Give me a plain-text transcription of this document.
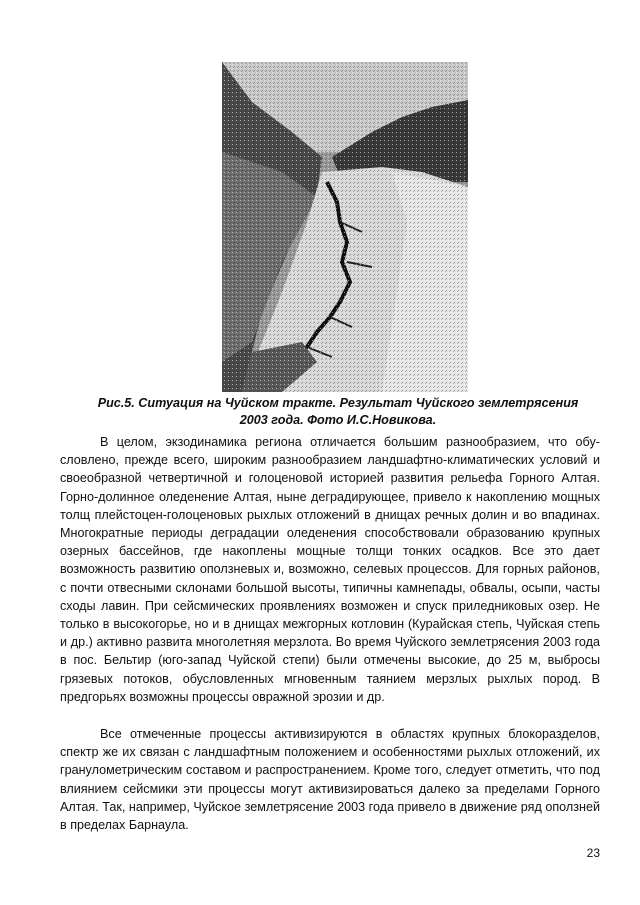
Рис.5. Ситуация на Чуйском тракте. Результат Чуйского землетрясения
2003 года. Фото И.С.Новикова.

В целом, экзодинамика региона отличается большим разнообразием, что обусловлено, прежде всего, широким разнообразием ландшафтно-климатических условий и своеобразной четвертичной и голоценовой историей развития рельефа Горного Алтая. Горно-долинное оледенение Алтая, ныне деградирующее, привело к накоплению мощных толщ плейстоцен-голоценовых рыхлых отложений в днищах речных долин и во впадинах. Многократные периоды деградации оледенения способствовали образованию крупных озерных бассейнов, где накоплены мощные толщи тонких осадков. Все это дает возможность развитию оползневых и, возможно, селевых процессов. Для горных районов, с почти отвесными склонами большой высоты, типичны камнепады, обвалы, осыпи, часты сходы лавин. При сейсмических проявлениях возможен и спуск приледниковых озер. Не только в высокогорье, но и в днищах межгорных котловин (Курайская степь, Чуйская степь и др.) активно развита многолетняя мерзлота. Во время Чуйского землетрясения 2003 года в пос. Бельтир (юго-запад Чуйской степи) были отмечены высокие, до 25 м, выбросы грязевых потоков, обусловленных мгновенным таянием мерзлых рыхлых пород. В предгорьях возможны процессы овражной эрозии и др.

Все отмеченные процессы активизируются в областях крупных блокоразделов, спектр же их связан с ландшафтным положением и особенностями рыхлых отложений, их гранулометрическим составом и распространением. Кроме того, следует отметить, что под влиянием сейсмики эти процессы могут активизироваться далеко за пределами Горного Алтая. Так, например, Чуйское землетрясение 2003 года привело в движение ряд оползней в пределах Барнаула.

23
